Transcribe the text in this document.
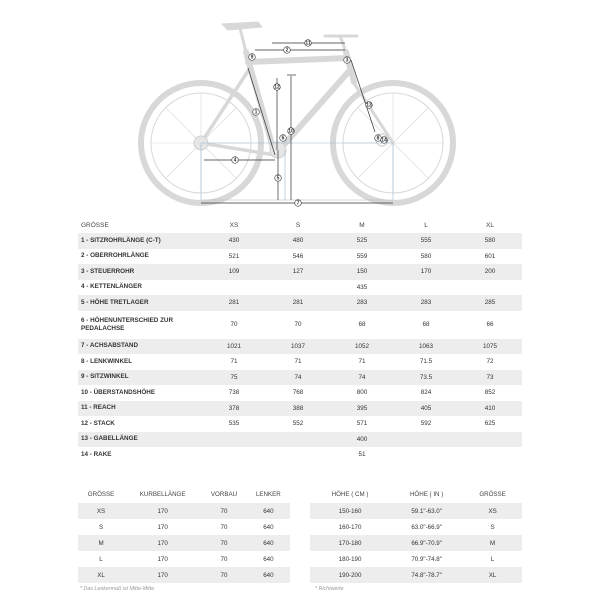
1
2
3
4
5
6
7
8
9
10
11
12
13
14
GRÖSSE	XS	S	M	L	XL
1 - SITZROHRLÄNGE (C-T)	430	480	525	555	580
2 - OBERROHRLÄNGE	521	546	559	580	601
3 - STEUERROHR	109	127	150	170	200
4 - KETTENLÄNGER			435		
5 - HÖHE TRETLAGER	281	281	283	283	285
6 - HÖHENUNTERSCHIED ZUR PEDALACHSE	70	70	68	68	66
7 - ACHSABSTAND	1021	1037	1052	1063	1075
8 - LENKWINKEL	71	71	71	71.5	72
9 - SITZWINKEL	75	74	74	73.5	73
10 - ÜBERSTANDSHÖHE	738	768	800	824	852
11 - REACH	378	388	395	405	410
12 - STACK	535	552	571	592	625
13 - GABELLÄNGE			400		
14 - RAKE			51		
GRÖSSE	KURBELLÄNGE	VORBAU	LENKER
XS	170	70	640
S	170	70	640
M	170	70	640
L	170	70	640
XL	170	70	640
HÖHE ( CM )	HÖHE ( IN )	GRÖSSE
150-160	59.1"-63.0"	XS
160-170	63.0"-66.9"	S
170-180	66.9"-70.9"	M
180-190	70.9"-74.8"	L
190-200	74.8"-78.7"	XL
* Das Lenkermaß ist Mitte-Mitte	* Richtwerte
